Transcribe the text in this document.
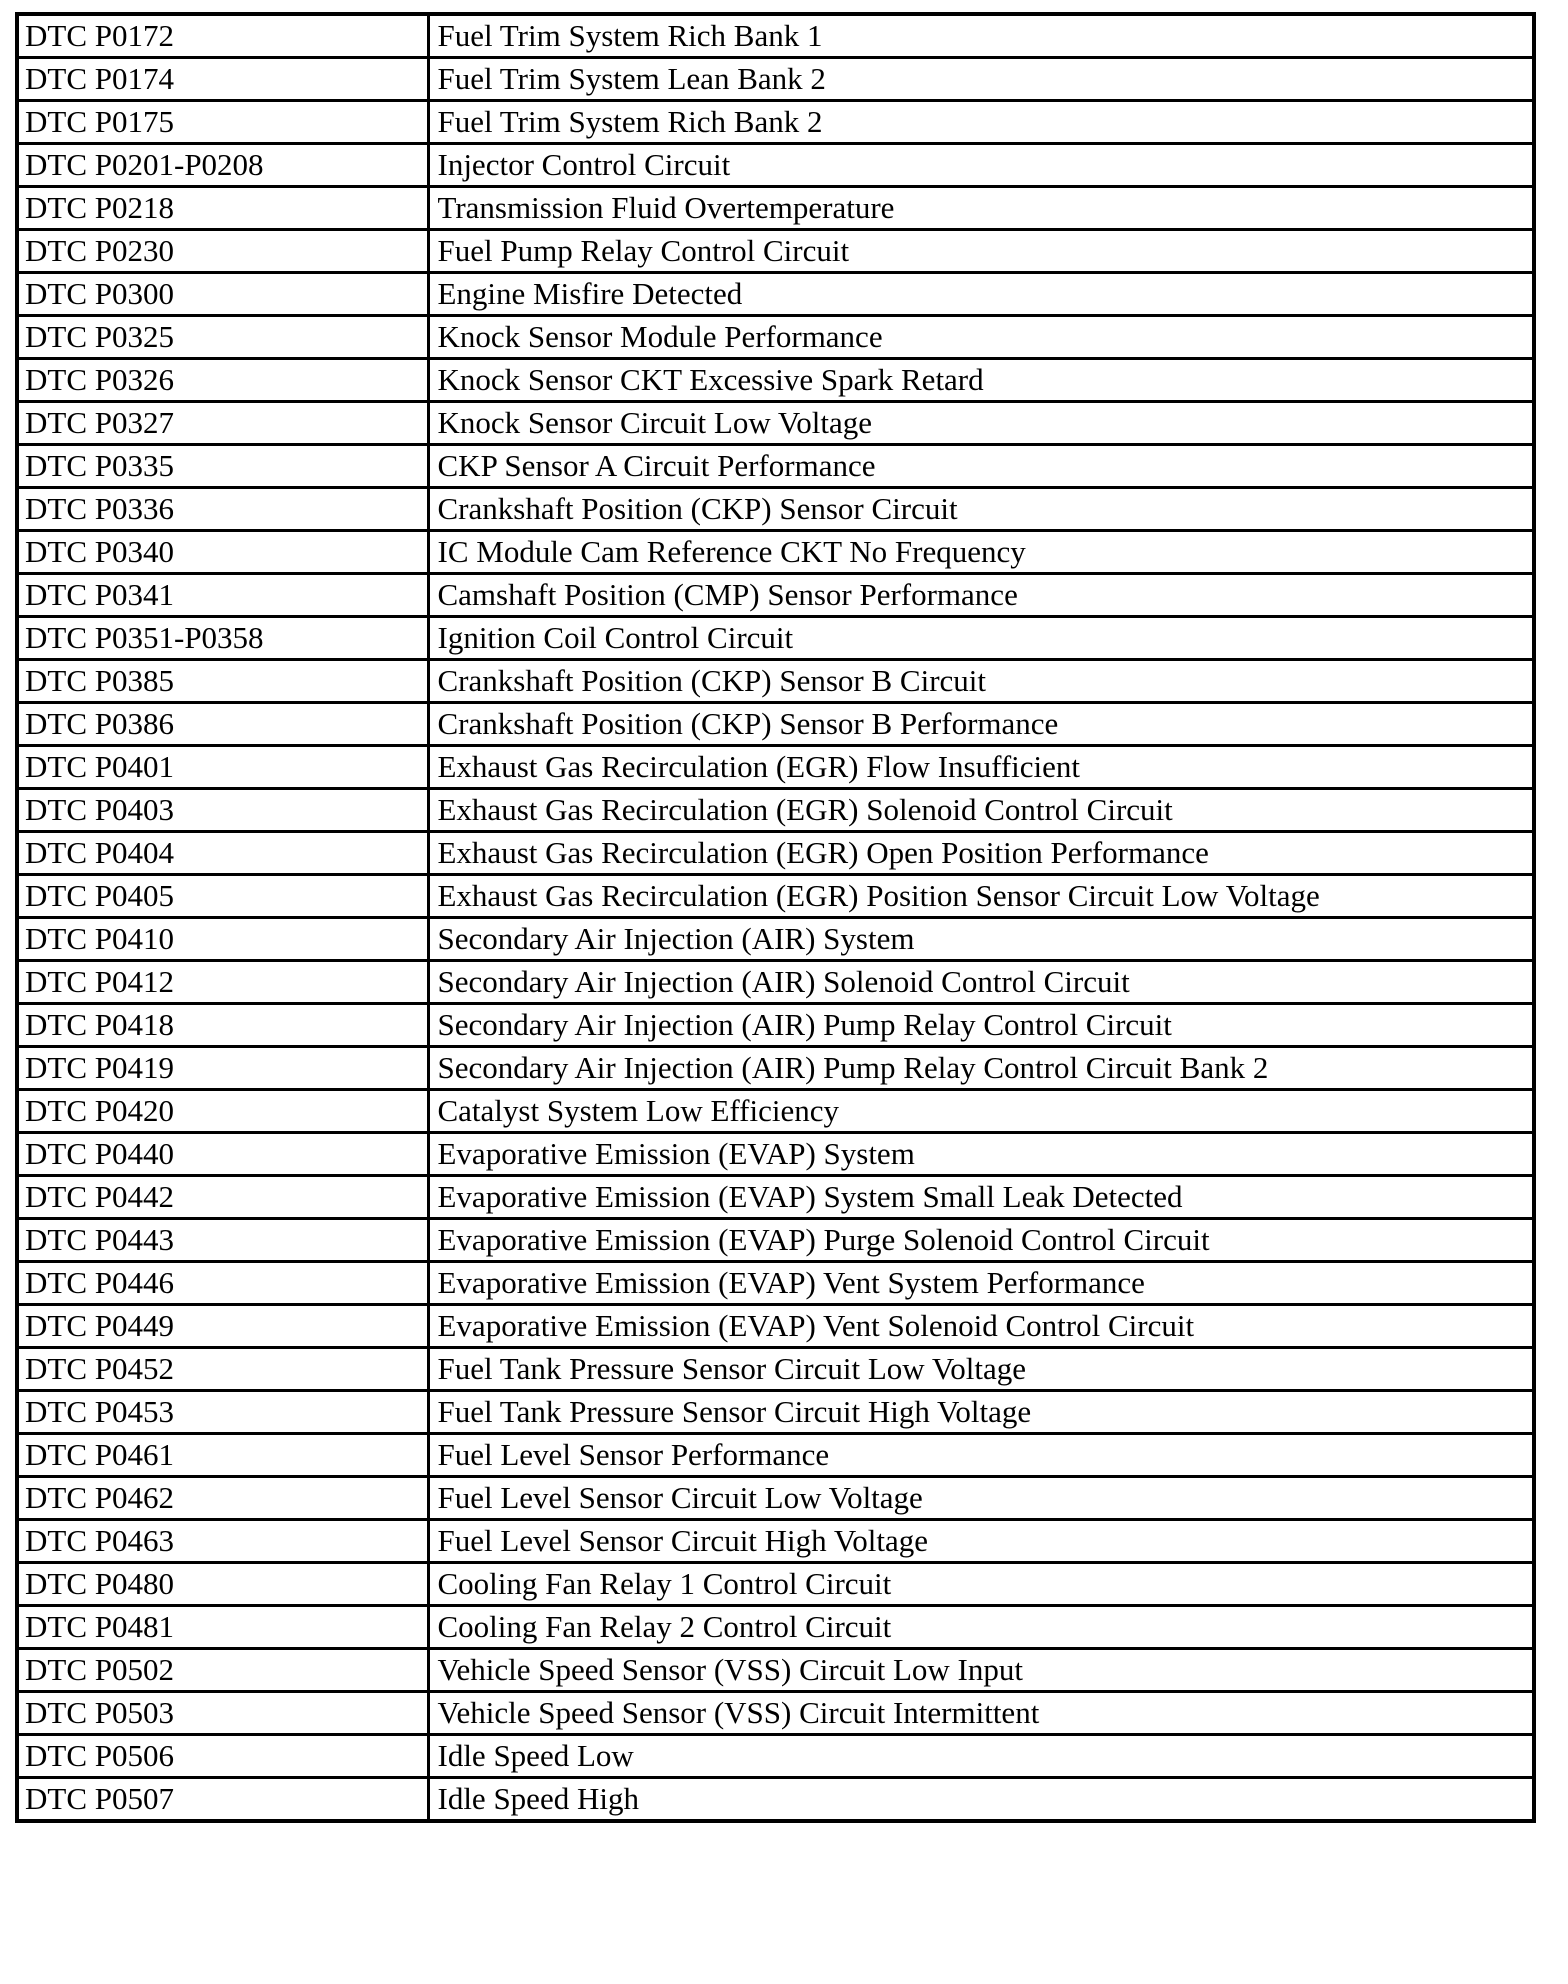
DTC P0172	Fuel Trim System Rich Bank 1
DTC P0174	Fuel Trim System Lean Bank 2
DTC P0175	Fuel Trim System Rich Bank 2
DTC P0201-P0208	Injector Control Circuit
DTC P0218	Transmission Fluid Overtemperature
DTC P0230	Fuel Pump Relay Control Circuit
DTC P0300	Engine Misfire Detected
DTC P0325	Knock Sensor Module Performance
DTC P0326	Knock Sensor CKT Excessive Spark Retard
DTC P0327	Knock Sensor Circuit Low Voltage
DTC P0335	CKP Sensor A Circuit Performance
DTC P0336	Crankshaft Position (CKP) Sensor Circuit
DTC P0340	IC Module Cam Reference CKT No Frequency
DTC P0341	Camshaft Position (CMP) Sensor Performance
DTC P0351-P0358	Ignition Coil Control Circuit
DTC P0385	Crankshaft Position (CKP) Sensor B Circuit
DTC P0386	Crankshaft Position (CKP) Sensor B Performance
DTC P0401	Exhaust Gas Recirculation (EGR) Flow Insufficient
DTC P0403	Exhaust Gas Recirculation (EGR) Solenoid Control Circuit
DTC P0404	Exhaust Gas Recirculation (EGR) Open Position Performance
DTC P0405	Exhaust Gas Recirculation (EGR) Position Sensor Circuit Low Voltage
DTC P0410	Secondary Air Injection (AIR) System
DTC P0412	Secondary Air Injection (AIR) Solenoid Control Circuit
DTC P0418	Secondary Air Injection (AIR) Pump Relay Control Circuit
DTC P0419	Secondary Air Injection (AIR) Pump Relay Control Circuit Bank 2
DTC P0420	Catalyst System Low Efficiency
DTC P0440	Evaporative Emission (EVAP) System
DTC P0442	Evaporative Emission (EVAP) System Small Leak Detected
DTC P0443	Evaporative Emission (EVAP) Purge Solenoid Control Circuit
DTC P0446	Evaporative Emission (EVAP) Vent System Performance
DTC P0449	Evaporative Emission (EVAP) Vent Solenoid Control Circuit
DTC P0452	Fuel Tank Pressure Sensor Circuit Low Voltage
DTC P0453	Fuel Tank Pressure Sensor Circuit High Voltage
DTC P0461	Fuel Level Sensor Performance
DTC P0462	Fuel Level Sensor Circuit Low Voltage
DTC P0463	Fuel Level Sensor Circuit High Voltage
DTC P0480	Cooling Fan Relay 1 Control Circuit
DTC P0481	Cooling Fan Relay 2 Control Circuit
DTC P0502	Vehicle Speed Sensor (VSS) Circuit Low Input
DTC P0503	Vehicle Speed Sensor (VSS) Circuit Intermittent
DTC P0506	Idle Speed Low
DTC P0507	Idle Speed High
